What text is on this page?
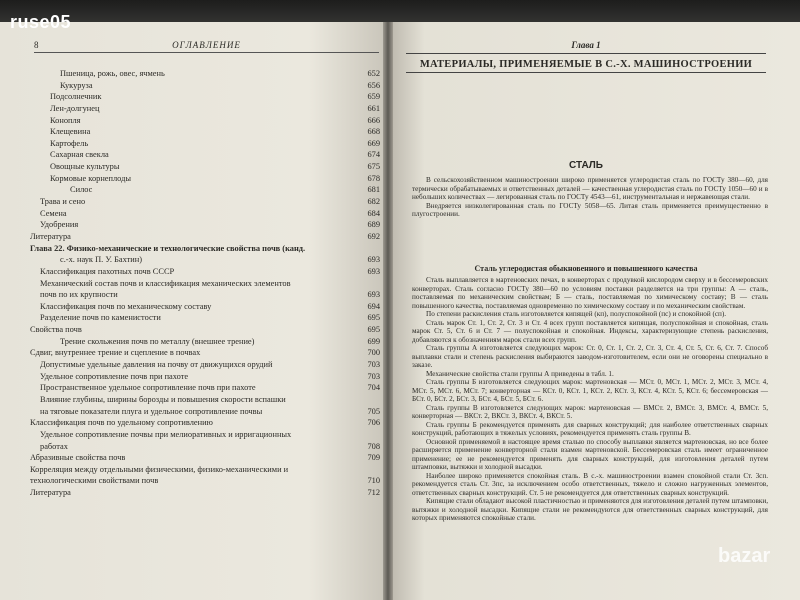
ruse05
8	ОГЛАВЛЕНИЕ
Пшеница, рожь, овес, ячмень	652
Кукуруза	656
Подсолнечник	659
Лен-долгунец	661
Конопля	666
Клещевина	668
Картофель	669
Сахарная свекла	674
Овощные культуры	675
Кормовые корнеплоды	678
Силос	681
Трава и сено	682
Семена	684
Удобрения	689
Литература	692
Глава 22. Физико-механические и технологические свойства почв (канд.
с.-х. наук П. У. Бахтин)	693
Классификация пахотных почв СССР	693
Механический состав почв и классификация механических элементов
почв по их крупности	693
Классификация почв по механическому составу	694
Разделение почв по каменистости	695
Свойства почв	695
Трение скольжения почв по металлу (внешнее трение)	699
Сдвиг, внутреннее трение и сцепление в почвах	700
Допустимые удельные давления на почву от движущихся орудий	703
Удельное сопротивление почв при пахоте	703
Пространственное удельное сопротивление почв при пахоте	704
Влияние глубины, ширины борозды и повышения скорости вспашки
на тяговые показатели плуга и удельное сопротивление почвы	705
Классификация почв по удельному сопротивлению	706
Удельное сопротивление почвы при мелиоративных и ирригационных
работах	708
Абразивные свойства почв	709
Корреляция между отдельными физическими, физико-механическими и
технологическими свойствами почв	710
Литература	712
Глава 1
МАТЕРИАЛЫ, ПРИМЕНЯЕМЫЕ В С.-Х. МАШИНОСТРОЕНИИ
СТАЛЬ

В сельскохозяйственном машиностроении широко применяется углеродистая сталь по ГОСТу 380—60, для термически обрабатываемых и ответственных деталей — качественная углеродистая сталь по ГОСТу 1050—60 и в небольших количествах — легированная сталь по ГОСТу 4543—61, инструментальная и нержавеющая стали.

Внедряется низколегированная сталь по ГОСТу 5058—65. Литая сталь применяется преимущественно в плугостроении.

Сталь углеродистая обыкновенного и повышенного качества

Сталь выплавляется в мартеновских печах, в конверторах с продувкой кислородом сверху и в бессемеровских конверторах. Сталь согласно ГОСТу 380—60 по условиям поставки разделяется на три группы: А — сталь, поставляемая по механическим свойствам; Б — сталь, поставляемая по химическому составу; В — сталь повышенного качества, поставляемая одновременно по химическому составу и по механическим свойствам.

По степени раскисления сталь изготовляется кипящей (кп), полуспокойной (пс) и спокойной (сп).

Сталь марок Ст. 1, Ст. 2, Ст. 3 и Ст. 4 всех групп поставляется кипящая, полуспокойная и спокойная, сталь марок Ст. 5, Ст. 6 и Ст. 7 — полуспокойная и спокойная. Индексы, характеризующие степень раскисления, добавляются к обозначениям марок стали всех групп.

Сталь группы А изготовляется следующих марок: Ст. 0, Ст. 1, Ст. 2, Ст. 3, Ст. 4, Ст. 5, Ст. 6, Ст. 7. Способ выплавки стали и степень раскисления выбираются заводом-изготовителем, если они не оговорены специально в заказе.

Механические свойства стали группы А приведены в табл. 1.

Сталь группы Б изготовляется следующих марок: мартеновская — МСт. 0, МСт. 1, МСт. 2, МСт. 3, МСт. 4, МСт. 5, МСт. 6, МСт. 7; конверторная — КСт. 0, КСт. 1, КСт. 2, КСт. 3, КСт. 4, КСт. 5, КСт. 6; бессемеровская — БСт. 0, БСт. 2, БСт. 3, БСт. 4, БСт. 5, БСт. 6.

Сталь группы В изготовляется следующих марок: мартеновская — ВМСт. 2, ВМСт. 3, ВМСт. 4, ВМСт. 5, конверторная — ВКСт. 2, ВКСт. 3, ВКСт. 4, ВКСт. 5.

Сталь группы Б рекомендуется применять для сварных конструкций; для наиболее ответственных сварных конструкций, работающих в тяжелых условиях, рекомендуется применять сталь группы В.

Основной применяемой в настоящее время сталью по способу выплавки является мартеновская, но все более расширяется применение конверторной стали взамен мартеновской. Бессемеровская сталь имеет ограниченное применение; ее не рекомендуется применять для сварных конструкций, для изготовления деталей путем штамповки, вытяжки и холодной высадки.

Наиболее широко применяется спокойная сталь. В с.-х. машиностроении взамен спокойной стали Ст. 3сп. рекомендуется сталь Ст. 3пс, за исключением особо ответственных, тяжело и сложно нагруженных элементов, ответственных сварных конструкций. Ст. 5 не рекомендуется для ответственных сварных конструкций.

Кипящие стали обладают высокой пластичностью и применяются для изготовления деталей путем штамповки, вытяжки и холодной высадки. Кипящие стали не рекомендуются для ответственных сварных конструкций, для которых применяются спокойные стали.

bazar
